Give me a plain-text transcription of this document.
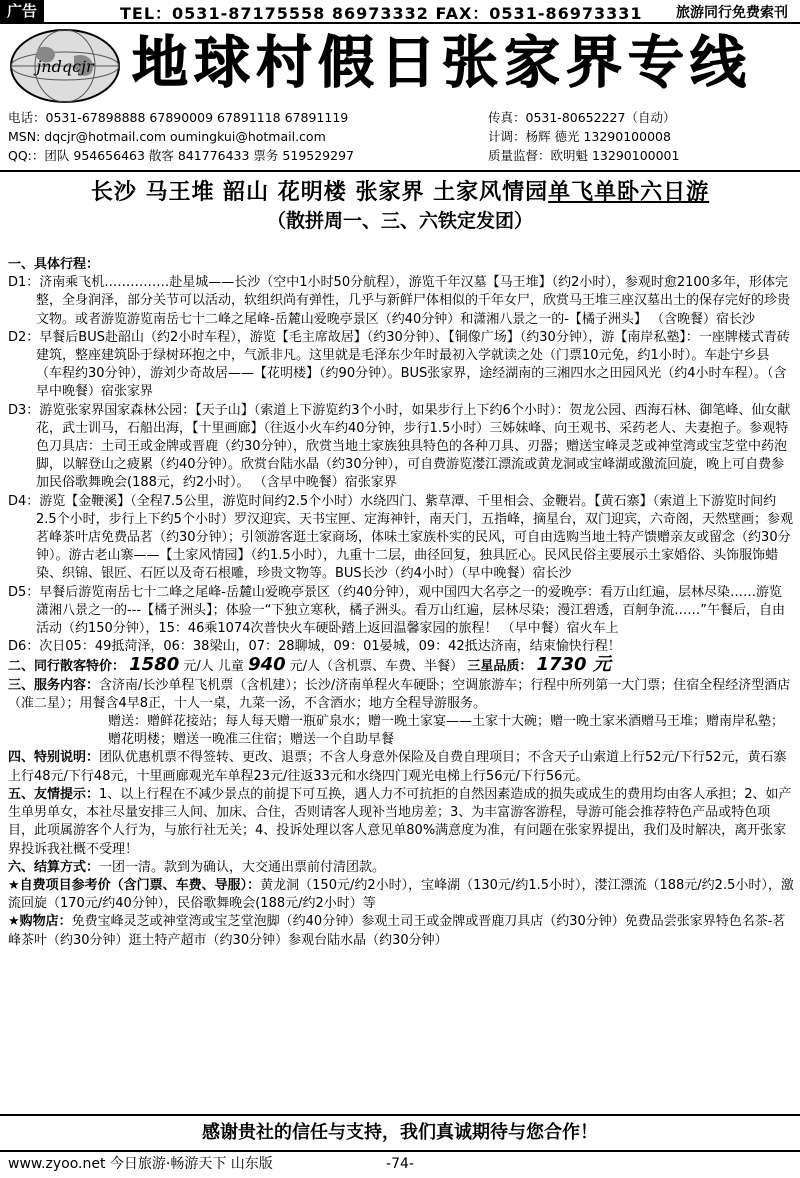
广告	TEL：0531-87175558 86973332 FAX：0531-86973331 旅游同行免费索刊
jndqcjr 地球村假日张家界专线
电话：0531-67898888 67890009 67891118 67891119	传真：0531-80652227（自动）
MSN: dqcjr@hotmail.com oumingkui@hotmail.com	计调：杨辉 德光 13290100008
QQ:：团队 954656463 散客 841776433 票务 519529297	质量监督：欧明魁 13290100001
长沙 马王堆 韶山 花明楼 张家界 土家风情园单飞单卧六日游
（散拼周一、三、六铁定发团）

一、具体行程：

D1：济南乘飞机……………赴星城——长沙（空中1小时50分航程），游览千年汉墓【马王堆】（约2小时），参观时愈2100多年，形体完整，全身润泽，部分关节可以活动，软组织尚有弹性，几乎与新鲜尸体相似的千年女尸，欣赏马王堆三座汉墓出土的保存完好的珍贵文物。或者游览游览南岳七十二峰之尾峰-岳麓山爱晚亭景区（约40分钟）和潇湘八景之一的-【橘子洲头】 （含晚餐）宿长沙

D2：早餐后BUS赴韶山（约2小时车程），游览【毛主席故居】（约30分钟）、【铜像广场】（约30分钟），游【南岸私塾】：一座牌楼式青砖建筑，整座建筑卧于绿树环抱之中，气派非凡。这里就是毛泽东少年时最初入学就读之处（门票10元免，约1小时）。车赴宁乡县（车程约30分钟），游刘少奇故居——【花明楼】（约90分钟）。BUS张家界，途经湖南的三湘四水之田园风光（约4小时车程）。（含早中晚餐）宿张家界

D3：游览张家界国家森林公园：【天子山】（索道上下游览约3个小时，如果步行上下约6个小时）：贺龙公园、西海石林、御笔峰、仙女献花，武士训马，石船出海，【十里画廊】（往返小火车约40分钟，步行1.5小时）三姊妹峰、向王观书、采药老人、夫妻抱子。参观特色刀具店：土司王或金牌或晋鹿（约30分钟），欣赏当地土家族独具特色的各种刀具、刃器；赠送宝峰灵芝或神堂湾或宝芝堂中药泡脚，以解登山之疲累（约40分钟）。欣赏台陆水晶（约30分钟），可自费游览漤江漂流或黄龙洞或宝峰湖或激流回旋，晚上可自费参加民俗歌舞晚会(188元，约2小时）。 （含早中晚餐）宿张家界

D4：游览【金鞭溪】（全程7.5公里，游览时间约2.5个小时）水绕四门、紫草潭、千里相会、金鞭岩。【黄石寨】（索道上下游览时间约2.5个小时，步行上下约5个小时）罗汉迎宾、天书宝匣、定海神针，南天门，五指峰，摘星台，双门迎宾，六奇阁，天然壁画；参观茗峰茶叶店免费品茗（约30分钟）；引领游客逛土家商场，体味土家族朴实的民风，可自由选购当地土特产馈赠亲友或留念（约30分钟）。游古老山寨——【土家风情园】（约1.5小时），九重十二层，曲径回复，独具匠心。民风民俗主要展示土家婚俗、头饰服饰蜡染、织锦、银匠、石匠以及奇石根雕，珍贵文物等。BUS长沙（约4小时）（早中晚餐）宿长沙

D5：早餐后游览南岳七十二峰之尾峰-岳麓山爱晚亭景区（约40分钟），观中国四大名亭之一的爱晚亭：看万山红遍，层林尽染……游览潇湘八景之一的---【橘子洲头】；体验一“下独立寒秋，橘子洲头。看万山红遍，层林尽染；漫江碧透，百舸争流……”午餐后，自由活动（约150分钟），15：46乘1074次普快火车硬卧踏上返回温馨家园的旅程！ （早中餐）宿火车上

D6：次日05：49抵菏泽，06：38梁山，07：28聊城，09：01晏城，09：42抵达济南，结束愉快行程！

二、同行散客特价： 1580 元/人 儿童 940 元/人（含机票、车费、半餐） 三星品质： 1730 元

三、服务内容：含济南/长沙单程飞机票（含机建）；长沙/济南单程火车硬卧；空调旅游车；行程中所列第一大门票；住宿全程经济型酒店（准二星）；用餐含4早8正，十人一桌，九菜一汤，不含酒水；地方全程导游服务。

赠送：赠鲜花接站；每人每天赠一瓶矿泉水；赠一晚土家宴——土家十大碗；赠一晚土家米酒赠马王堆；赠南岸私塾；赠花明楼；赠送一晚准三住宿；赠送一个自助早餐

四、特别说明：团队优惠机票不得签转、更改、退票；不含人身意外保险及自费自理项目；不含天子山索道上行52元/下行52元，黄石寨上行48元/下行48元，十里画廊观光车单程23元/往返33元和水绕四门观光电梯上行56元/下行56元。

五、友情提示：1、以上行程在不减少景点的前提下可互换，遇人力不可抗拒的自然因素造成的损失或成生的费用均由客人承担；2、如产生单男单女，本社尽量安排三人间、加床、合住，否则请客人现补当地房差；3、为丰富游客游程，导游可能会推荐特色产品或特色项目，此项属游客个人行为，与旅行社无关；4、投诉处理以客人意见单80%满意度为准，有问题在张家界提出，我们及时解决，离开张家界投诉我社概不受理！

六、结算方式：一团一清。款到为确认，大交通出票前付清团款。

★自费项目参考价（含门票、车费、导服）：黄龙洞（150元/约2小时），宝峰湖（130元/约1.5小时），漤江漂流（188元/约2.5小时），激流回旋（170元/约40分钟），民俗歌舞晚会(188元/约2小时）等

★购物店：免费宝峰灵芝或神堂湾或宝芝堂泡脚（约40分钟）参观土司王或金牌或晋鹿刀具店（约30分钟）免费品尝张家界特色名茶-茗峰茶叶（约30分钟）逛土特产超市（约30分钟）参观台陆水晶（约30分钟）

感谢贵社的信任与支持，我们真诚期待与您合作！
www.zyoo.net 今日旅游·畅游天下 山东版	-74-
